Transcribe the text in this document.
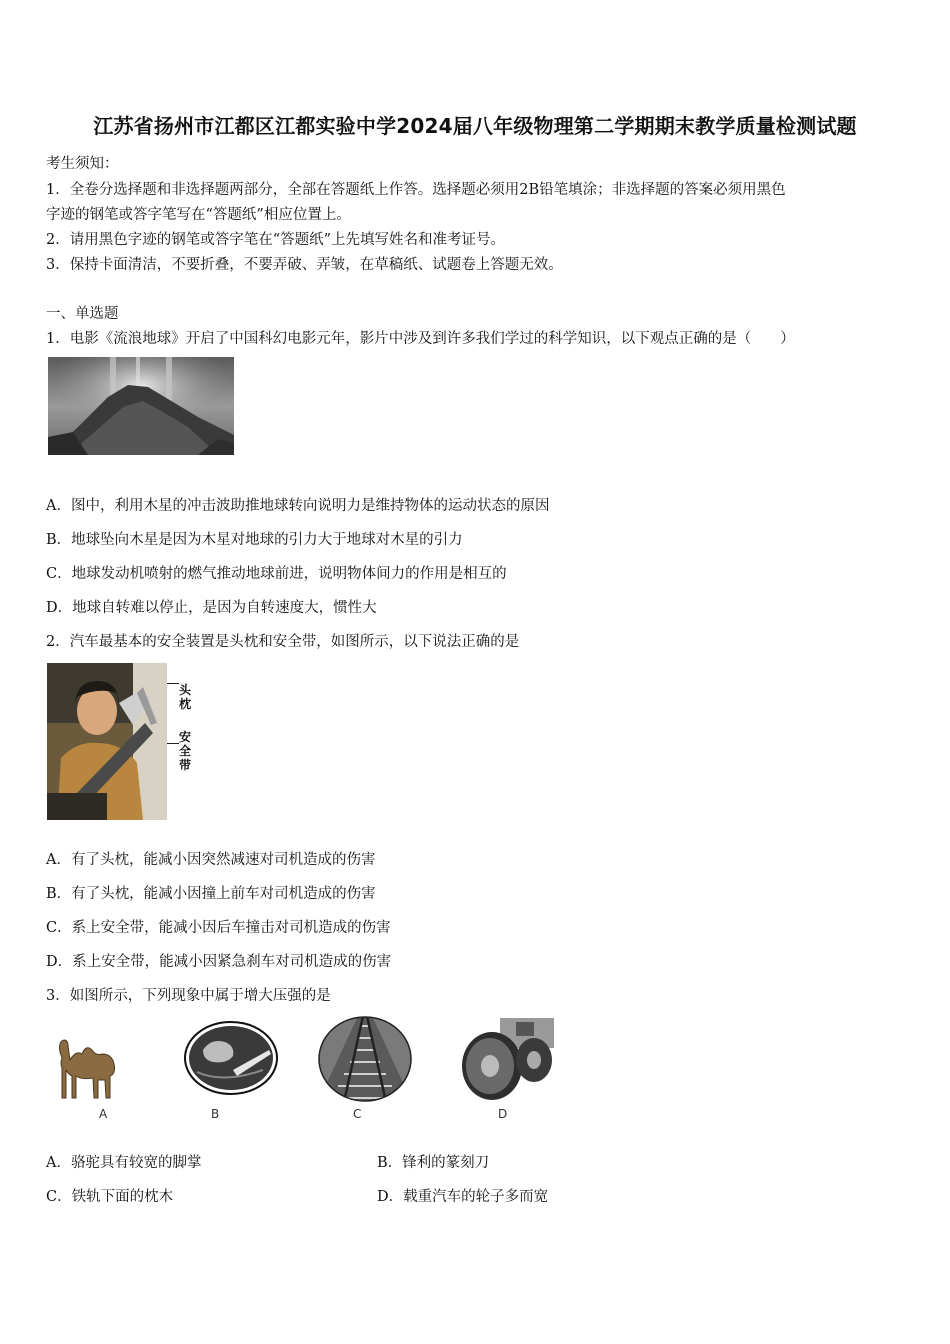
江苏省扬州市江都区江都实验中学2024届八年级物理第二学期期末教学质量检测试题
考生须知：
1．全卷分选择题和非选择题两部分，全部在答题纸上作答。选择题必须用2B铅笔填涂；非选择题的答案必须用黑色
字迹的钢笔或答字笔写在“答题纸”相应位置上。
2．请用黑色字迹的钢笔或答字笔在“答题纸”上先填写姓名和准考证号。
3．保持卡面清洁，不要折叠，不要弄破、弄皱，在草稿纸、试题卷上答题无效。
一、单选题
1．电影《流浪地球》开启了中国科幻电影元年，影片中涉及到许多我们学过的科学知识，以下观点正确的是（　　）
A．图中，利用木星的冲击波助推地球转向说明力是维持物体的运动状态的原因
B．地球坠向木星是因为木星对地球的引力大于地球对木星的引力
C．地球发动机喷射的燃气推动地球前进，说明物体间力的作用是相互的
D．地球自转难以停止，是因为自转速度大，惯性大
2．汽车最基本的安全装置是头枕和安全带，如图所示，以下说法正确的是
头枕
安全带
A．有了头枕，能减小因突然减速对司机造成的伤害
B．有了头枕，能减小因撞上前车对司机造成的伤害
C．系上安全带，能减小因后车撞击对司机造成的伤害
D．系上安全带，能减小因紧急刹车对司机造成的伤害
3．如图所示，下列现象中属于增大压强的是
A	B	C	D
A．骆驼具有较宽的脚掌	B．锋利的篆刻刀
C．铁轨下面的枕木	D．载重汽车的轮子多而宽
